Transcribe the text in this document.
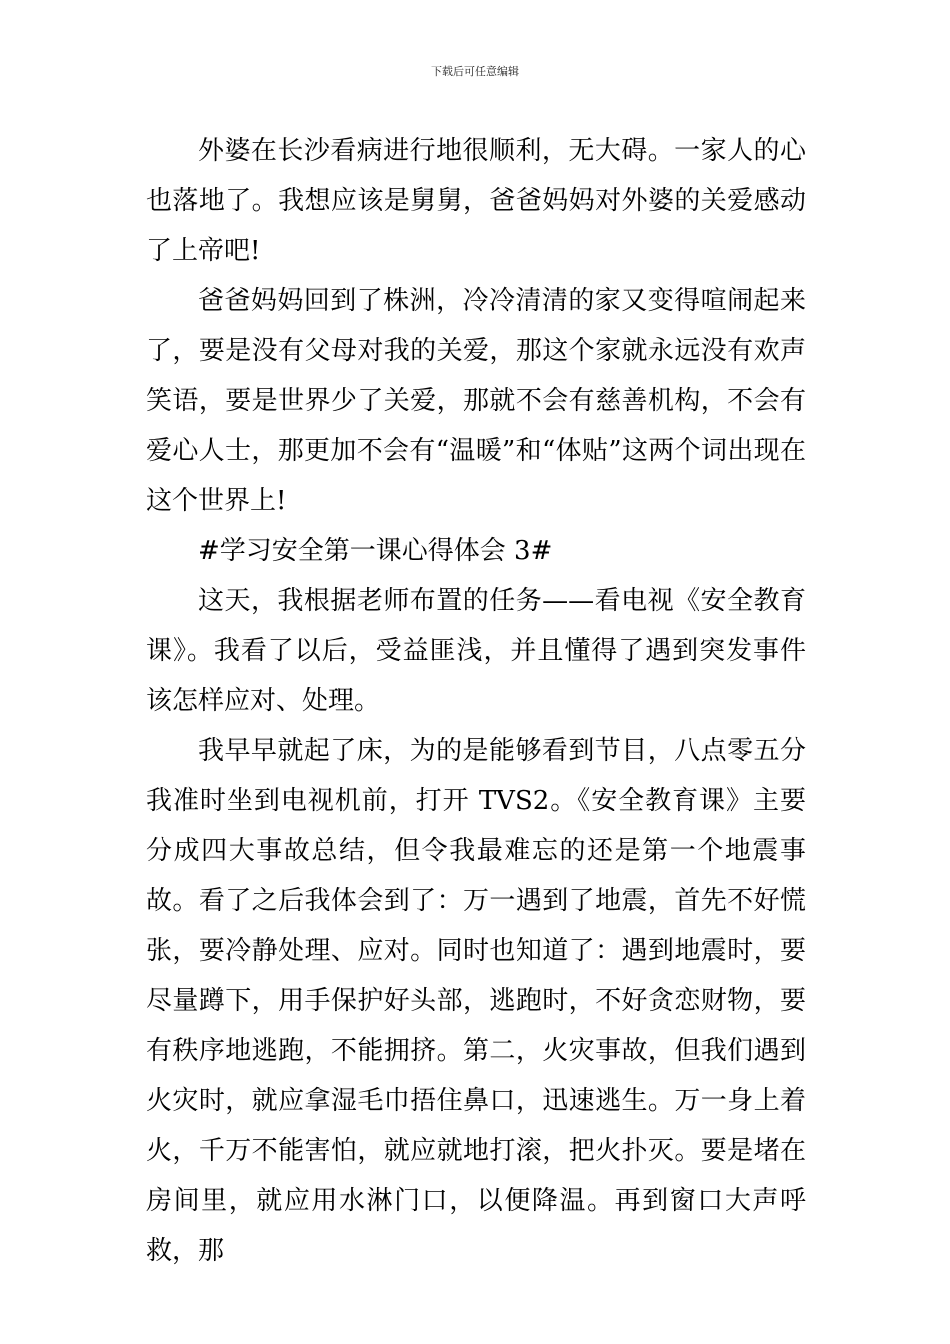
下载后可任意编辑

外婆在长沙看病进行地很顺利，无大碍。一家人的心也落地了。我想应该是舅舅，爸爸妈妈对外婆的关爱感动了上帝吧!

爸爸妈妈回到了株洲，冷冷清清的家又变得喧闹起来了，要是没有父母对我的关爱，那这个家就永远没有欢声笑语，要是世界少了关爱，那就不会有慈善机构，不会有爱心人士，那更加不会有“温暖”和“体贴”这两个词出现在这个世界上!

#学习安全第一课心得体会 3#

这天，我根据老师布置的任务——看电视《安全教育课》。我看了以后，受益匪浅，并且懂得了遇到突发事件该怎样应对、处理。

我早早就起了床，为的是能够看到节目，八点零五分我准时坐到电视机前，打开 TVS2。《安全教育课》主要分成四大事故总结，但令我最难忘的还是第一个地震事故。看了之后我体会到了：万一遇到了地震，首先不好慌张，要冷静处理、应对。同时也知道了：遇到地震时，要尽量蹲下，用手保护好头部，逃跑时，不好贪恋财物，要有秩序地逃跑，不能拥挤。第二，火灾事故，但我们遇到火灾时，就应拿湿毛巾捂住鼻口，迅速逃生。万一身上着火，千万不能害怕，就应就地打滚，把火扑灭。要是堵在房间里，就应用水淋门口，以便降温。再到窗口大声呼救，那
